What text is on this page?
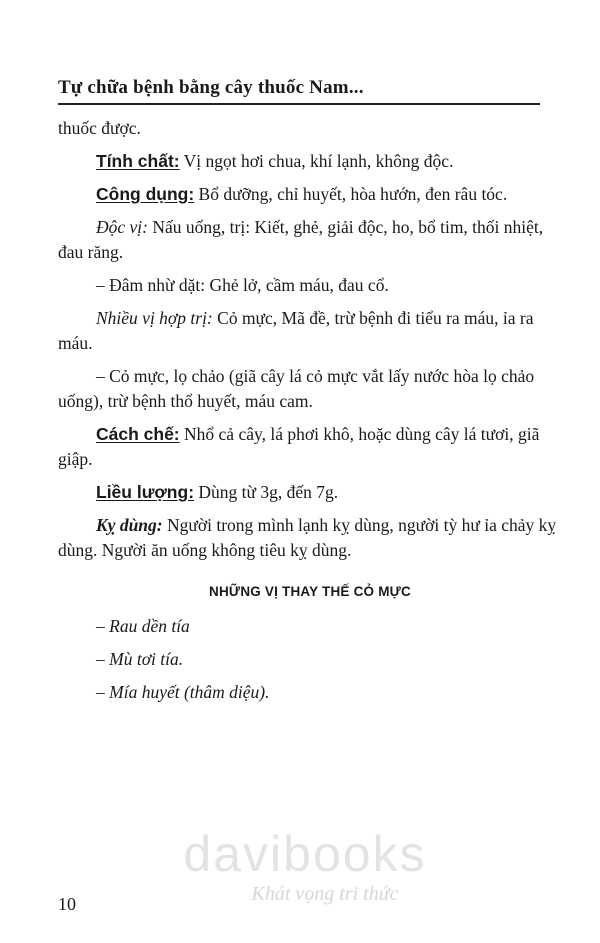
Tự chữa bệnh bằng cây thuốc Nam...

thuốc được.

Tính chất: Vị ngọt hơi chua, khí lạnh, không độc.

Công dụng: Bổ dưỡng, chỉ huyết, hòa hướn, đen râu tóc.

Độc vị: Nấu uống, trị: Kiết, ghẻ, giải độc, ho, bổ tim, thối nhiệt, đau răng.

– Đâm nhừ dặt: Ghẻ lở, cầm máu, đau cổ.

Nhiều vị hợp trị: Cỏ mực, Mã đề, trừ bệnh đi tiểu ra máu, ỉa ra máu.

– Cỏ mực, lọ chảo (giã cây lá cỏ mực vắt lấy nước hòa lọ chảo uống), trừ bệnh thổ huyết, máu cam.

Cách chế: Nhổ cả cây, lá phơi khô, hoặc dùng cây lá tươi, giã giập.

Liều lượng: Dùng từ 3g, đến 7g.

Kỵ dùng: Người trong mình lạnh kỵ dùng, người tỳ hư ỉa chảy kỵ dùng. Người ăn uống không tiêu kỵ dùng.

NHỮNG VỊ THAY THẾ CỎ MỰC
– Rau dền tía
– Mù tơi tía.
– Mía huyết (thâm diệu).
davibooks
Khát vọng tri thức
10
